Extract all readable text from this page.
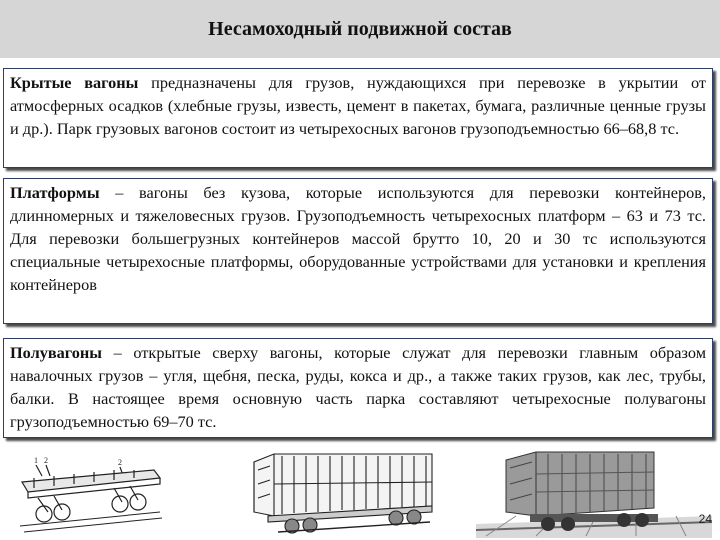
Несамоходный подвижной состав
Крытые вагоны предназначены для грузов, нуждающихся при перевозке в укрытии от атмосферных осадков (хлебные грузы, известь, цемент в пакетах, бумага, различные ценные грузы и др.). Парк грузовых вагонов состоит из четырехосных вагонов грузоподъемностью 66–68,8 тс.
Платформы – вагоны без кузова, которые используются для перевозки контейнеров, длинномерных и тяжеловесных грузов. Грузоподъемность четырехосных платформ – 63 и 73 тс. Для перевозки большегрузных контейнеров массой брутто 10, 20 и 30 тс используются специальные четырехосные платформы, оборудованные устройствами для установки и крепления контейнеров
Полувагоны – открытые сверху вагоны, которые служат для перевозки главным образом навалочных грузов – угля, щебня, песка, руды, кокса и др., а также таких грузов, как лес, трубы, балки. В настоящее время основную часть парка составляют четырехосные полувагоны грузоподъемностью 69–70 тс.
1 2	2
24
